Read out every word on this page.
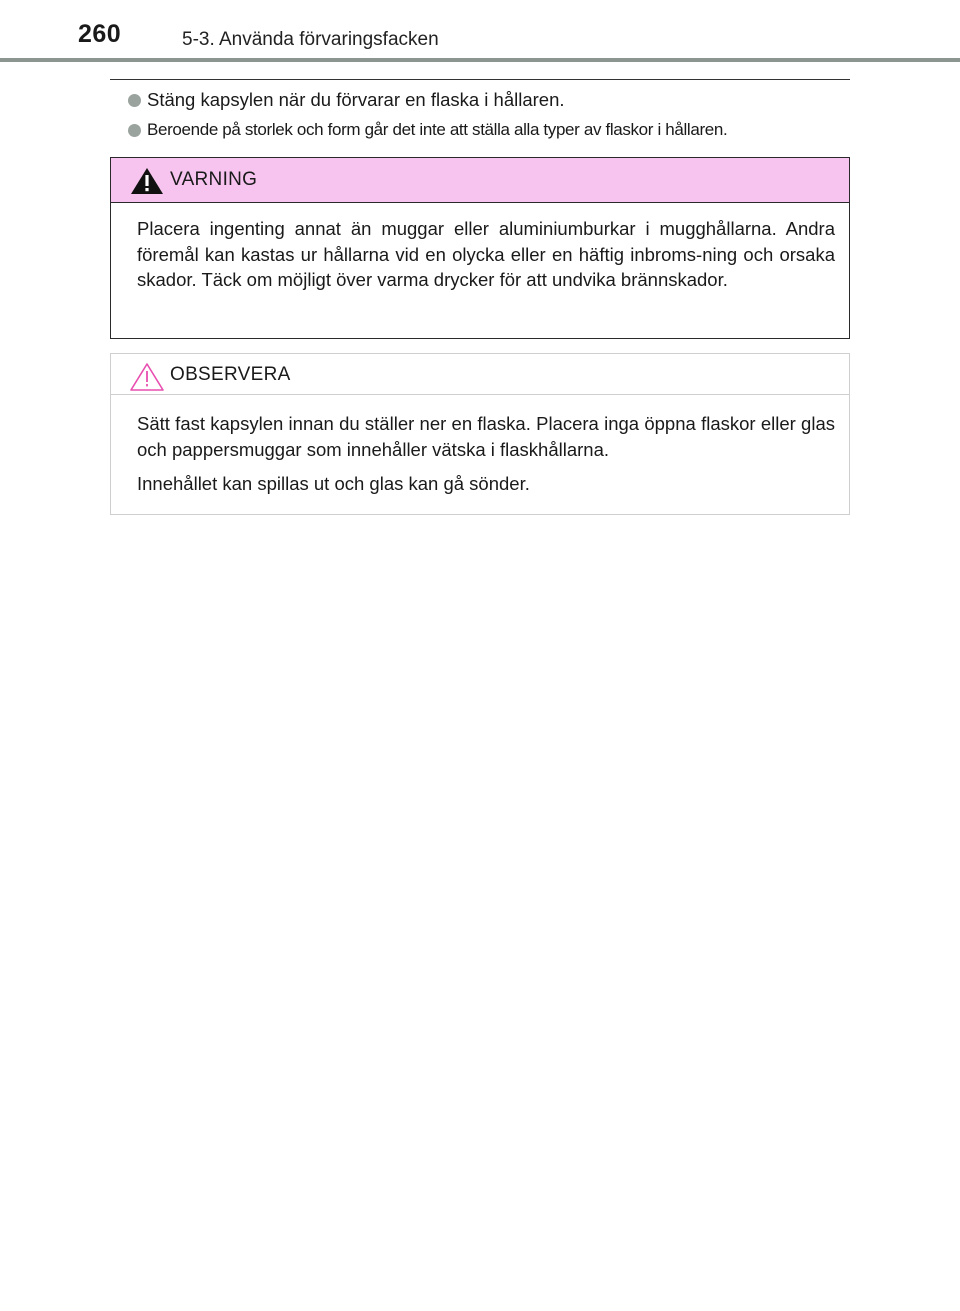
260	5-3. Använda förvaringsfacken
Stäng kapsylen när du förvarar en flaska i hållaren.
Beroende på storlek och form går det inte att ställa alla typer av flaskor i hållaren.
VARNING

Placera ingenting annat än muggar eller aluminiumburkar i mugghållarna. Andra föremål kan kastas ur hållarna vid en olycka eller en häftig inbroms-ning och orsaka skador. Täck om möjligt över varma drycker för att undvika brännskador.

OBSERVERA

Sätt fast kapsylen innan du ställer ner en flaska. Placera inga öppna flaskor eller glas och pappersmuggar som innehåller vätska i flaskhållarna.

Innehållet kan spillas ut och glas kan gå sönder.
